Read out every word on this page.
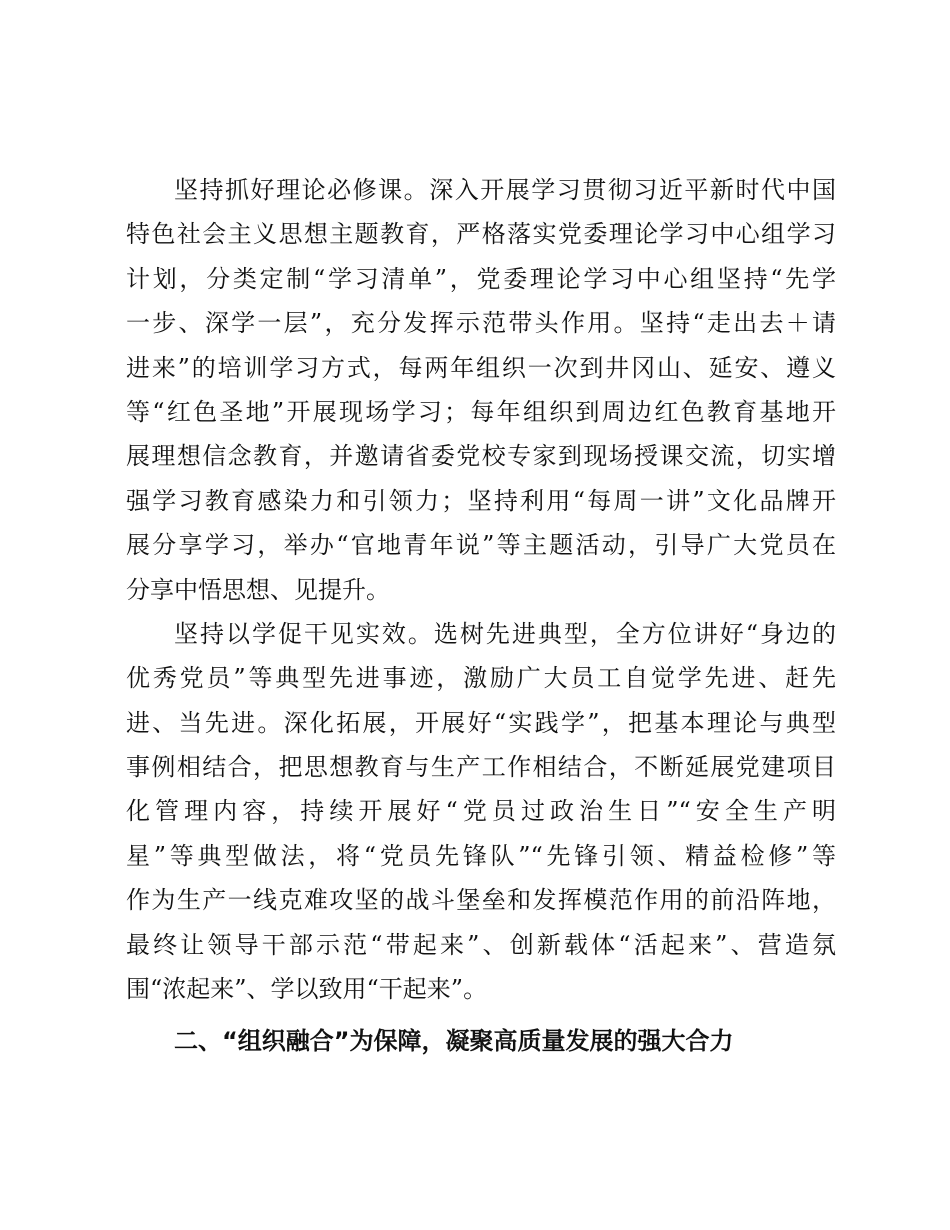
坚持抓好理论必修课。深入开展学习贯彻习近平新时代中国
特色社会主义思想主题教育，严格落实党委理论学习中心组学习
计划，分类定制“学习清单”，党委理论学习中心组坚持“先学
一步、深学一层”，充分发挥示范带头作用。坚持“走出去＋请
进来”的培训学习方式，每两年组织一次到井冈山、延安、遵义
等“红色圣地”开展现场学习；每年组织到周边红色教育基地开
展理想信念教育，并邀请省委党校专家到现场授课交流，切实增
强学习教育感染力和引领力；坚持利用“每周一讲”文化品牌开
展分享学习，举办“官地青年说”等主题活动，引导广大党员在
分享中悟思想、见提升。
坚持以学促干见实效。选树先进典型，全方位讲好“身边的
优秀党员”等典型先进事迹，激励广大员工自觉学先进、赶先
进、当先进。深化拓展，开展好“实践学”，把基本理论与典型
事例相结合，把思想教育与生产工作相结合，不断延展党建项目
化管理内容，持续开展好“党员过政治生日”“安全生产明
星”等典型做法，将“党员先锋队”“先锋引领、精益检修”等
作为生产一线克难攻坚的战斗堡垒和发挥模范作用的前沿阵地，
最终让领导干部示范“带起来”、创新载体“活起来”、营造氛
围“浓起来”、学以致用“干起来”。
二、“组织融合”为保障，凝聚高质量发展的强大合力
